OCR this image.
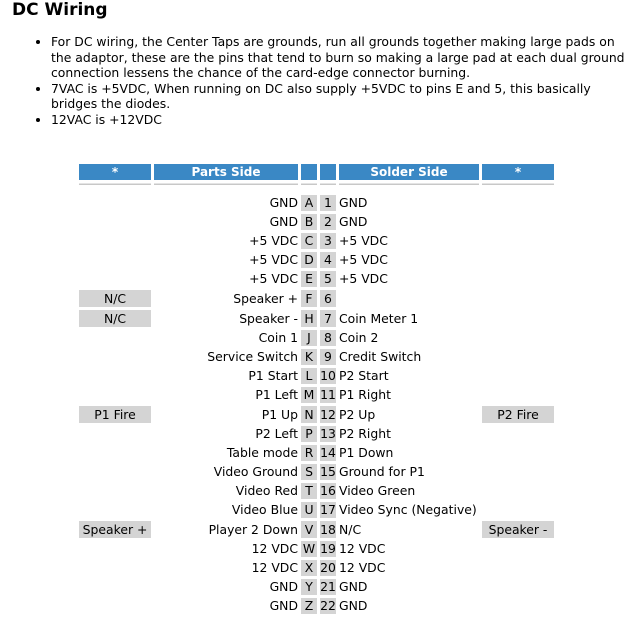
DC Wiring
• For DC wiring, the Center Taps are grounds, run all grounds together making large pads on the adaptor, these are the pins that tend to burn so making a large pad at each dual ground connection lessens the chance of the card-edge connector burning.
• 7VAC is +5VDC, When running on DC also supply +5VDC to pins E and 5, this basically bridges the diodes.
• 12VAC is +12VDC
*	Parts Side			Solder Side	*

	GND	A	1	GND	
	GND	B	2	GND	
	+5 VDC	C	3	+5 VDC	
	+5 VDC	D	4	+5 VDC	
	+5 VDC	E	5	+5 VDC	

N/C	Speaker +	F	6		

N/C	Speaker -	H	7	Coin Meter 1	
	Coin 1	J	8	Coin 2	
	Service Switch	K	9	Credit Switch	
	P1 Start	L	10	P2 Start	
	P1 Left	M	11	P1 Right	

P1 Fire	P1 Up	N	12	P2 Up	P2 Fire

	P2 Left	P	13	P2 Right	
	Table mode	R	14	P1 Down	
	Video Ground	S	15	Ground for P1	
	Video Red	T	16	Video Green	
	Video Blue	U	17	Video Sync (Negative)	

Speaker +	Player 2 Down	V	18	N/C	Speaker -

	12 VDC	W	19	12 VDC	
	12 VDC	X	20	12 VDC	
	GND	Y	21	GND	
	GND	Z	22	GND	
